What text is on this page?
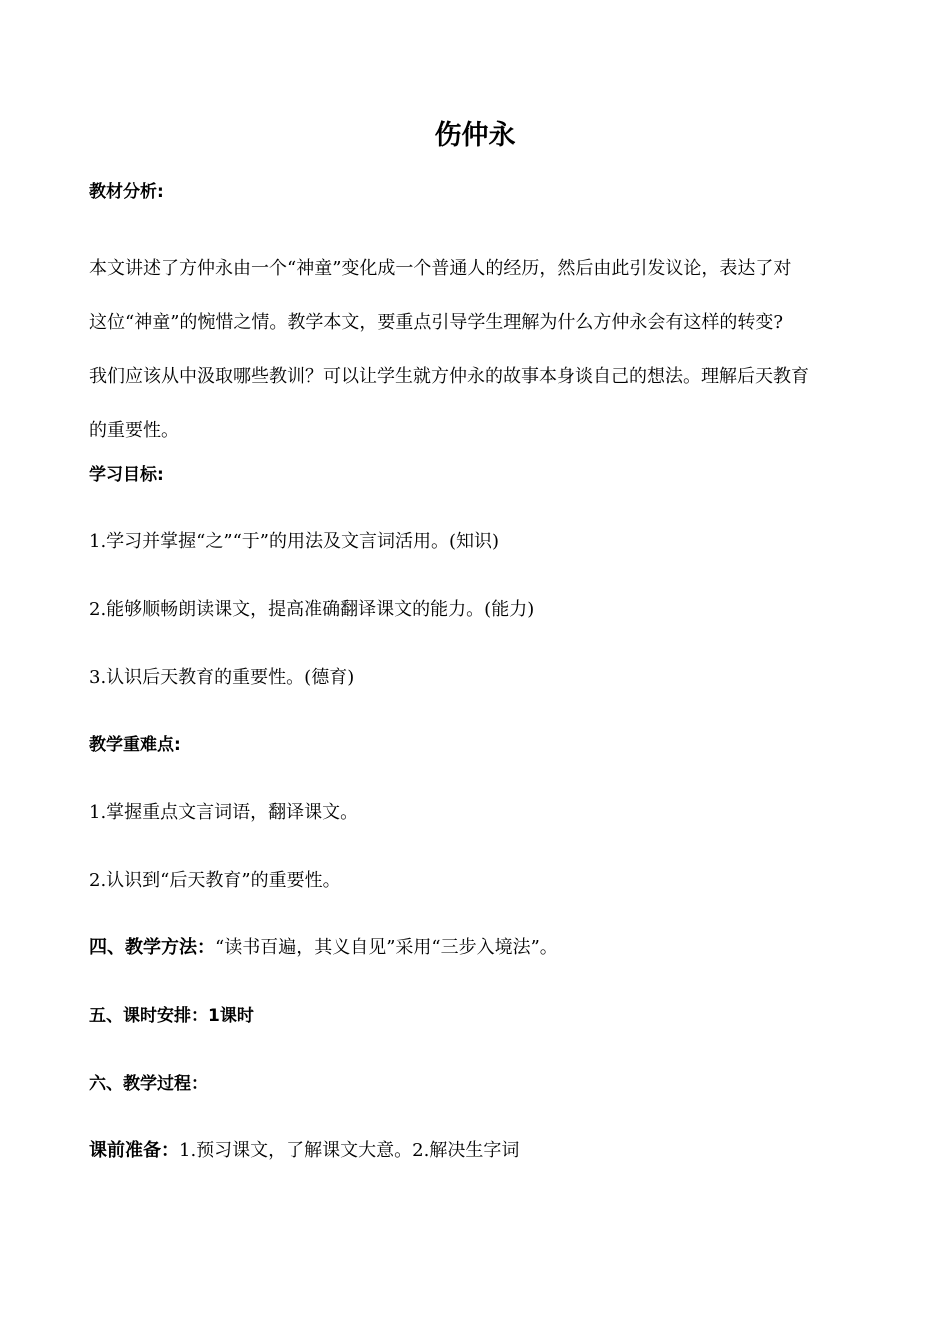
伤仲永
教材分析:

本文讲述了方仲永由一个“神童”变化成一个普通人的经历，然后由此引发议论，表达了对
这位“神童”的惋惜之情。教学本文，要重点引导学生理解为什么方仲永会有这样的转变?
我们应该从中汲取哪些教训？可以让学生就方仲永的故事本身谈自己的想法。理解后天教育
的重要性。

学习目标:
1.学习并掌握“之”“于”的用法及文言词活用。(知识)
2.能够顺畅朗读课文，提高准确翻译课文的能力。(能力)
3.认识后天教育的重要性。(德育)
教学重难点:
1.掌握重点文言词语，翻译课文。
2.认识到“后天教育”的重要性。
四、教学方法：“读书百遍，其义自见”采用“三步入境法”。
五、课时安排：1课时
六、教学过程：
课前准备：1.预习课文，了解课文大意。2.解决生字词
